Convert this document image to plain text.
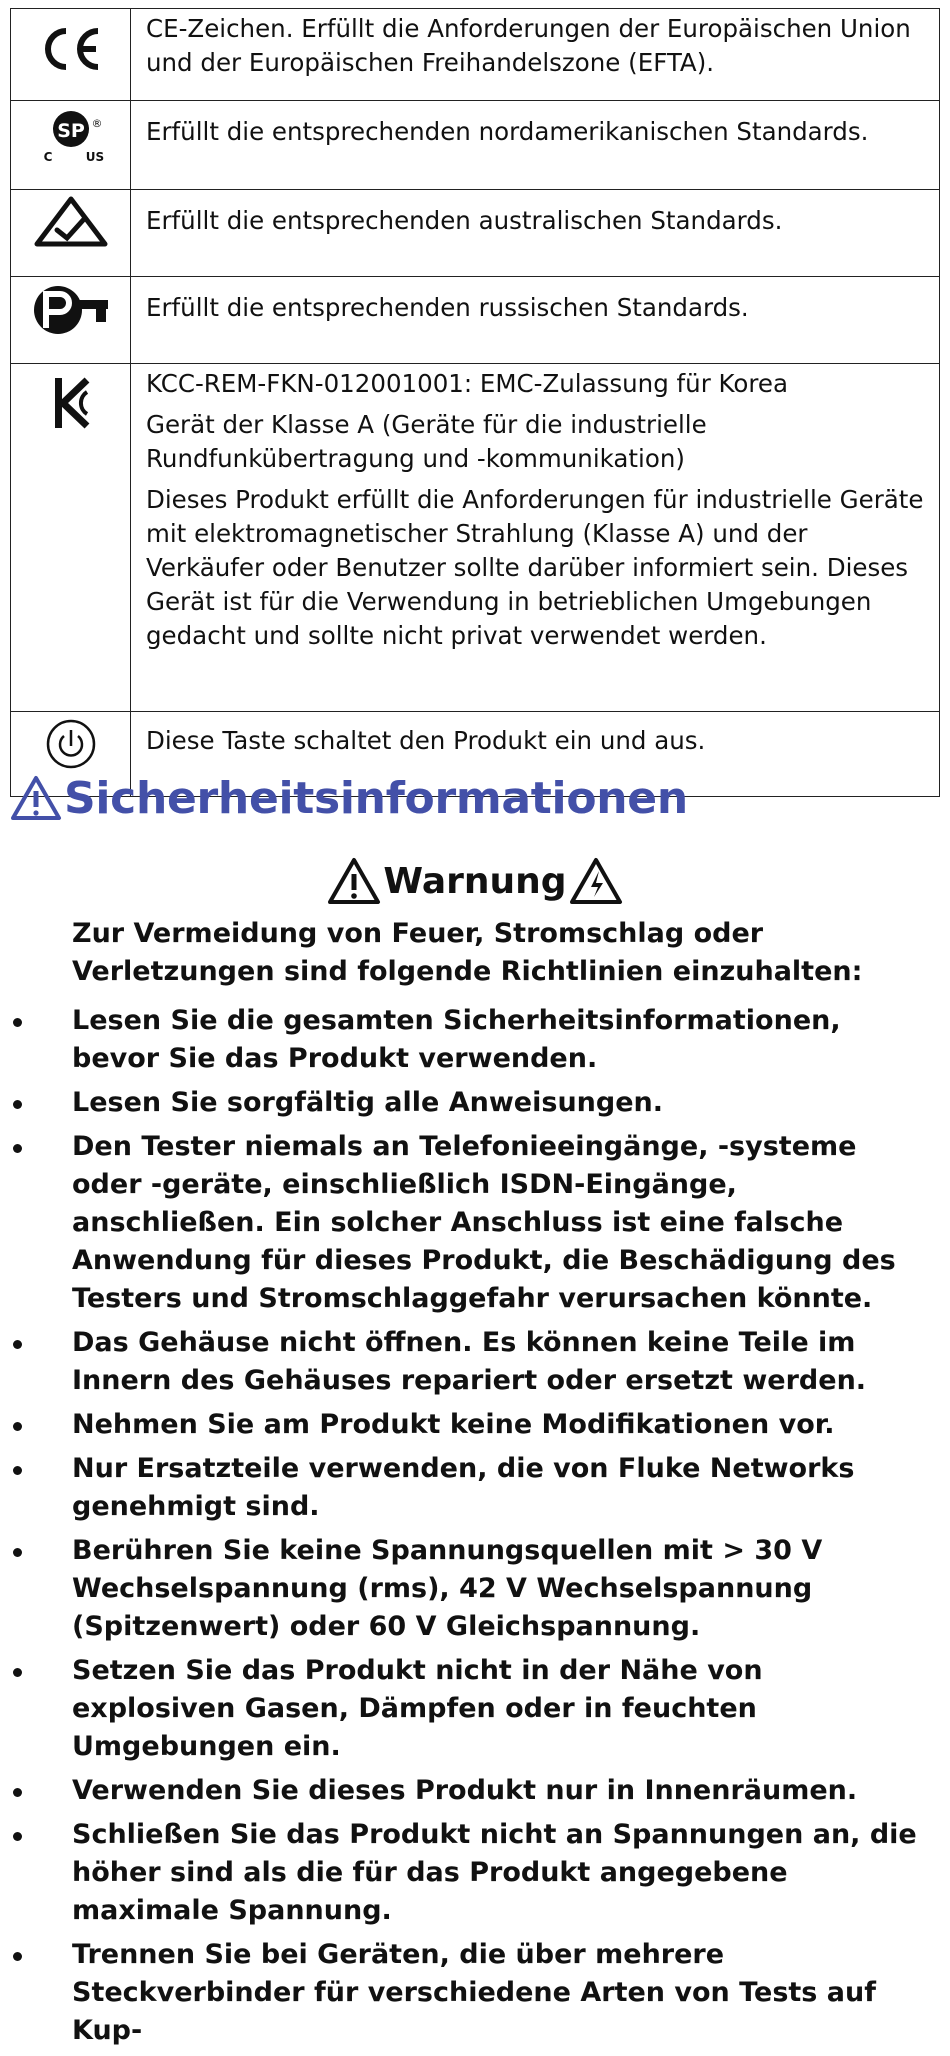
CE-Zeichen. Erfüllt die Anforderungen der Europäischen Union und der Europäischen Freihandelszone (EFTA).

SP ®
C US	Erfüllt die entsprechenden nordamerikanischen Standards.

Erfüllt die entsprechenden australischen Standards.

Erfüllt die entsprechenden russischen Standards.

KCC-REM-FKN-012001001: EMC-Zulassung für Korea

Gerät der Klasse A (Geräte für die industrielle Rundfunkübertragung und -kommunikation)

Dieses Produkt erfüllt die Anforderungen für industrielle Geräte mit elektromagnetischer Strahlung (Klasse A) und der Verkäufer oder Benutzer sollte darüber informiert sein. Dieses Gerät ist für die Verwendung in betrieblichen Umgebungen gedacht und sollte nicht privat verwendet werden.

Diese Taste schaltet den Produkt ein und aus.

Sicherheitsinformationen
Warnung

Zur Vermeidung von Feuer, Stromschlag oder Verletzungen sind folgende Richtlinien einzuhalten:

Lesen Sie die gesamten Sicherheitsinformationen, bevor Sie das Produkt verwenden.
Lesen Sie sorgfältig alle Anweisungen.
Den Tester niemals an Telefonieeingänge, -systeme oder -geräte, einschließlich ISDN-Eingänge, anschließen. Ein solcher Anschluss ist eine falsche Anwendung für dieses Produkt, die Beschädigung des Testers und Stromschlaggefahr verursachen könnte.
Das Gehäuse nicht öffnen. Es können keine Teile im Innern des Gehäuses repariert oder ersetzt werden.
Nehmen Sie am Produkt keine Modifikationen vor.
Nur Ersatzteile verwenden, die von Fluke Networks genehmigt sind.
Berühren Sie keine Spannungsquellen mit > 30 V Wechselspannung (rms), 42 V Wechselspannung (Spitzenwert) oder 60 V Gleichspannung.
Setzen Sie das Produkt nicht in der Nähe von explosiven Gasen, Dämpfen oder in feuchten Umgebungen ein.
Verwenden Sie dieses Produkt nur in Innenräumen.
Schließen Sie das Produkt nicht an Spannungen an, die höher sind als die für das Produkt angegebene maximale Spannung.
Trennen Sie bei Geräten, die über mehrere Steckverbinder für verschiedene Arten von Tests auf Kup-
